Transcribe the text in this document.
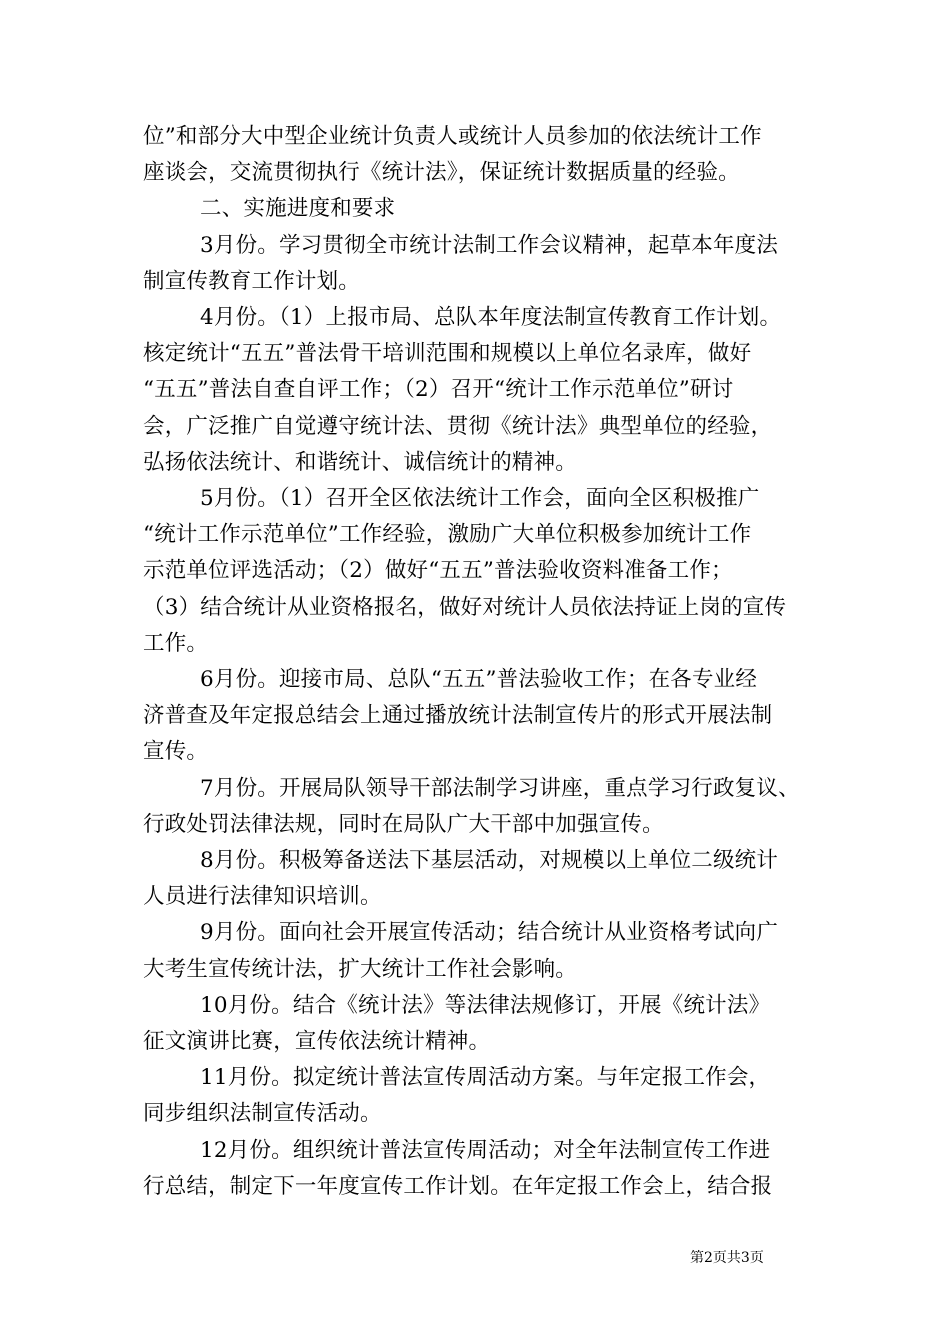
位”和部分大中型企业统计负责人或统计人员参加的依法统计工作
座谈会，交流贯彻执行《统计法》，保证统计数据质量的经验。

二、实施进度和要求

3月份。学习贯彻全市统计法制工作会议精神，起草本年度法
制宣传教育工作计划。

4月份。（1）上报市局、总队本年度法制宣传教育工作计划。
核定统计“五五”普法骨干培训范围和规模以上单位名录库，做好
“五五”普法自查自评工作；（2）召开“统计工作示范单位”研讨
会，广泛推广自觉遵守统计法、贯彻《统计法》典型单位的经验，
弘扬依法统计、和谐统计、诚信统计的精神。

5月份。（1）召开全区依法统计工作会，面向全区积极推广
“统计工作示范单位”工作经验，激励广大单位积极参加统计工作
示范单位评选活动；（2）做好“五五”普法验收资料准备工作；
（3）结合统计从业资格报名，做好对统计人员依法持证上岗的宣传
工作。

6月份。迎接市局、总队“五五”普法验收工作；在各专业经
济普查及年定报总结会上通过播放统计法制宣传片的形式开展法制
宣传。

7月份。开展局队领导干部法制学习讲座，重点学习行政复议、
行政处罚法律法规，同时在局队广大干部中加强宣传。

8月份。积极筹备送法下基层活动，对规模以上单位二级统计
人员进行法律知识培训。

9月份。面向社会开展宣传活动；结合统计从业资格考试向广
大考生宣传统计法，扩大统计工作社会影响。

10月份。结合《统计法》等法律法规修订，开展《统计法》
征文演讲比赛，宣传依法统计精神。

11月份。拟定统计普法宣传周活动方案。与年定报工作会，
同步组织法制宣传活动。

12月份。组织统计普法宣传周活动；对全年法制宣传工作进
行总结，制定下一年度宣传工作计划。在年定报工作会上，结合报

第2页共3页
